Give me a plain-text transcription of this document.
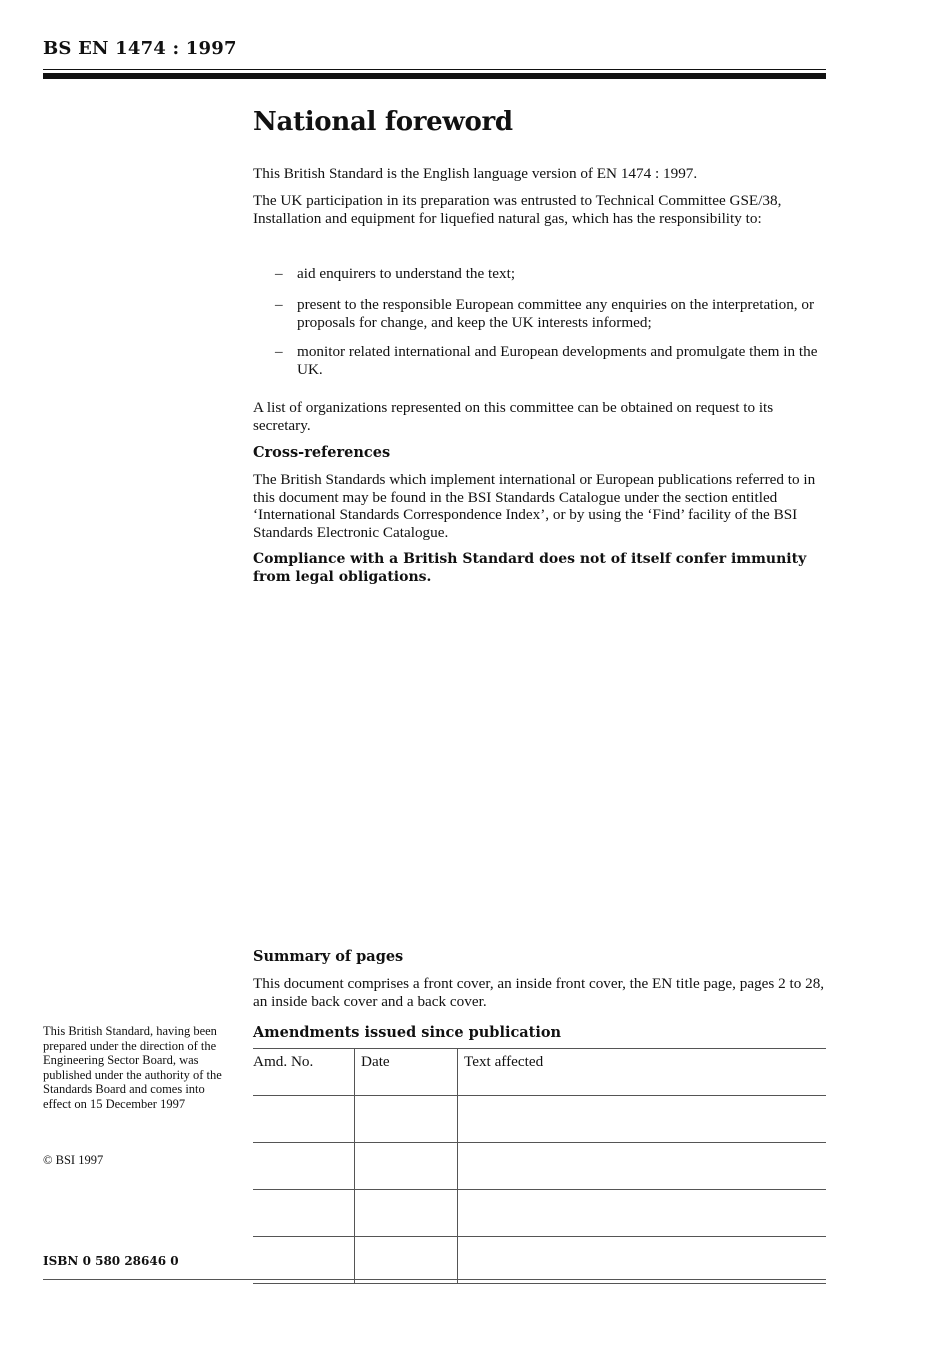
BS EN 1474 : 1997
National foreword

This British Standard is the English language version of EN 1474 : 1997.

The UK participation in its preparation was entrusted to Technical Committee GSE/38, Installation and equipment for liquefied natural gas, which has the responsibility to:

– aid enquirers to understand the text;

– present to the responsible European committee any enquiries on the interpretation, or proposals for change, and keep the UK interests informed;

– monitor related international and European developments and promulgate them in the UK.

A list of organizations represented on this committee can be obtained on request to its secretary.

Cross-references

The British Standards which implement international or European publications referred to in this document may be found in the BSI Standards Catalogue under the section entitled ‘International Standards Correspondence Index’, or by using the ‘Find’ facility of the BSI Standards Electronic Catalogue.

Compliance with a British Standard does not of itself confer immunity from legal obligations.

Summary of pages

This document comprises a front cover, an inside front cover, the EN title page, pages 2 to 28, an inside back cover and a back cover.

Amendments issued since publication

Amd. No.	Date	Text affected

This British Standard, having been prepared under the direction of the Engineering Sector Board, was published under the authority of the Standards Board and comes into effect on 15 December 1997
© BSI 1997
ISBN 0 580 28646 0
